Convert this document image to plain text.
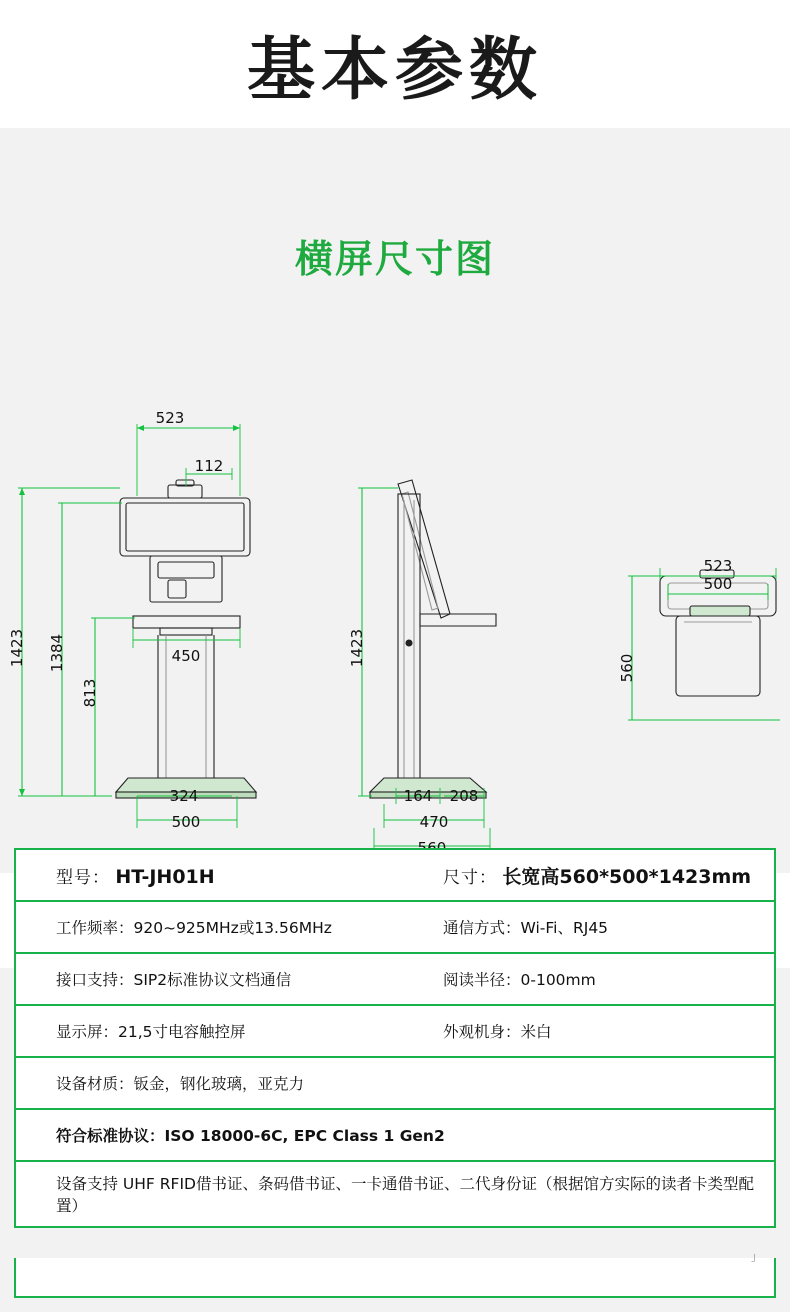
基本参数
横屏尺寸图
523
112
1423 1384
813
450
324
500
1423
164 208
470
523
500
560
型号： HT-JH01H	尺寸： 长宽高560*500*1423mm
工作频率：920~925MHz或13.56MHz	通信方式：Wi-Fi、RJ45
接口支持：SIP2标准协议文档通信	阅读半径：0-100mm
显示屏：21,5寸电容触控屏	外观机身：米白
设备材质：钣金，钢化玻璃，亚克力
符合标准协议：ISO 18000-6C, EPC Class 1 Gen2
设备支持 UHF RFID借书证、条码借书证、一卡通借书证、二代身份证（根据馆方实际的读者卡类型配置）
」
